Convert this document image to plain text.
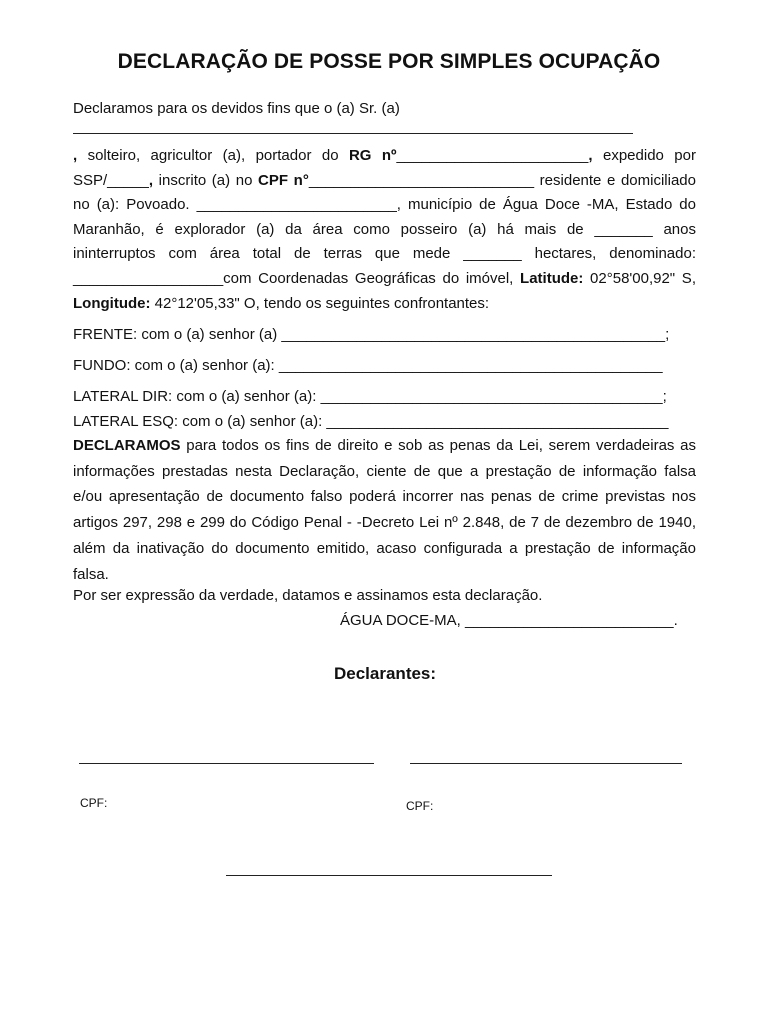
DECLARAÇÃO DE POSSE POR SIMPLES OCUPAÇÃO
Declaramos para os devidos fins que o (a) Sr. (a)
, solteiro, agricultor (a), portador do RG nº_______________________, expedido por
SSP/_____, inscrito (a) no CPF n°___________________________ residente e domiciliado
no (a): Povoado. ________________________, município de Água Doce -MA, Estado do
Maranhão, é explorador (a) da área como posseiro (a) há mais de _______ anos
ininterruptos com área total de terras que mede _______ hectares, denominado:
__________________com Coordenadas Geográficas do imóvel, Latitude: 02°58'00,92" S,
Longitude: 42°12'05,33" O, tendo os seguintes confrontantes:
FRENTE: com o (a) senhor (a) ______________________________________________;
FUNDO: com o (a) senhor (a): ______________________________________________
LATERAL DIR: com o (a) senhor (a): _________________________________________;
LATERAL ESQ: com o (a) senhor (a): _________________________________________
DECLARAMOS para todos os fins de direito e sob as penas da Lei, serem verdadeiras as
informações prestadas nesta Declaração, ciente de que a prestação de informação falsa
e/ou apresentação de documento falso poderá incorrer nas penas de crime previstas nos
artigos 297, 298 e 299 do Código Penal - -Decreto Lei nº 2.848, de 7 de dezembro de 1940,
além da inativação do documento emitido, acaso configurada a prestação de informação
falsa.
Por ser expressão da verdade, datamos e assinamos esta declaração.
ÁGUA DOCE-MA, _________________________.
Declarantes:
CPF:	CPF:
